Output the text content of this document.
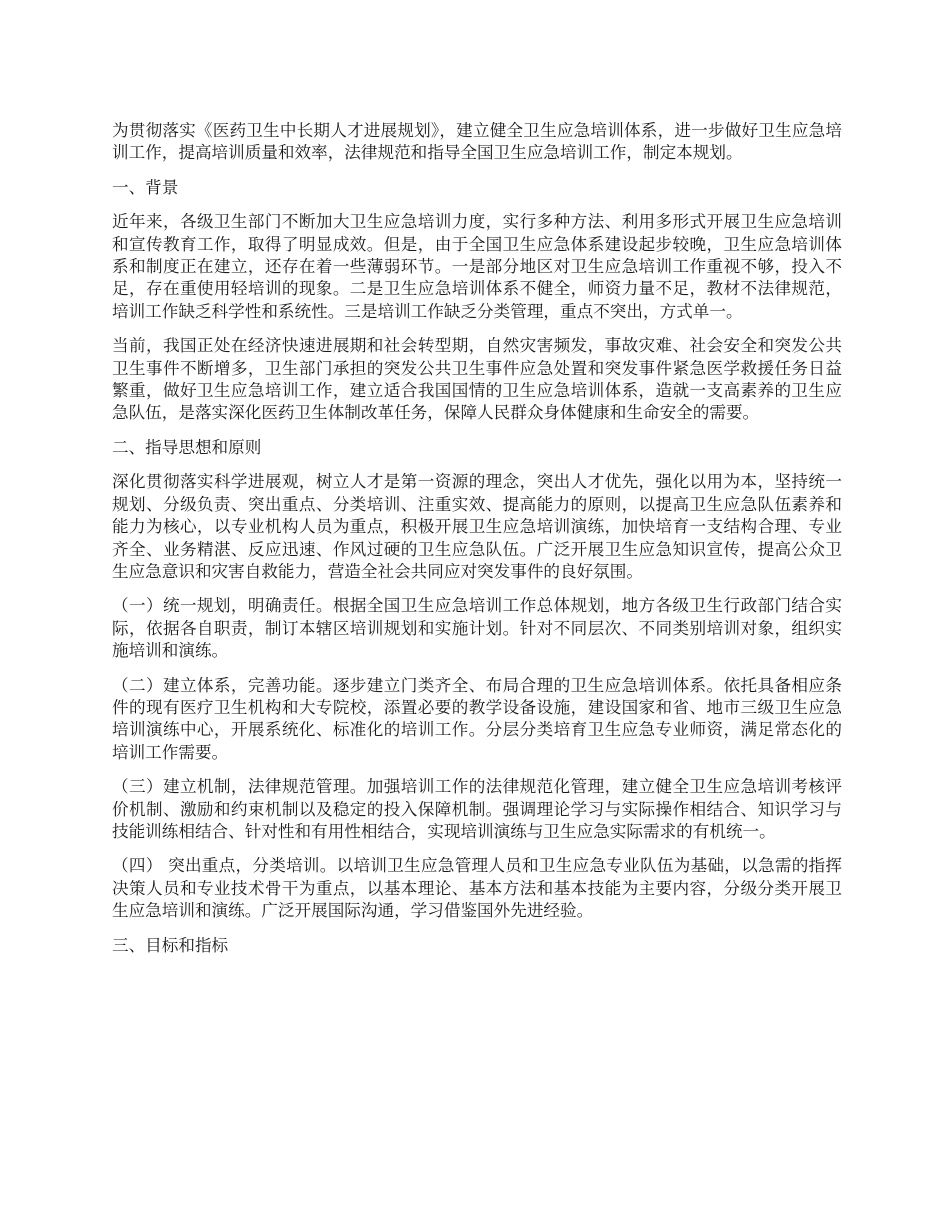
为贯彻落实《医药卫生中长期人才进展规划》，建立健全卫生应急培训体系，进一步做好卫生应急培训工作，提高培训质量和效率，法律规范和指导全国卫生应急培训工作，制定本规划。

一、背景

近年来，各级卫生部门不断加大卫生应急培训力度，实行多种方法、利用多形式开展卫生应急培训和宣传教育工作，取得了明显成效。但是，由于全国卫生应急体系建设起步较晚，卫生应急培训体系和制度正在建立，还存在着一些薄弱环节。一是部分地区对卫生应急培训工作重视不够，投入不足，存在重使用轻培训的现象。二是卫生应急培训体系不健全，师资力量不足，教材不法律规范，培训工作缺乏科学性和系统性。三是培训工作缺乏分类管理，重点不突出，方式单一。

当前，我国正处在经济快速进展期和社会转型期，自然灾害频发，事故灾难、社会安全和突发公共卫生事件不断增多，卫生部门承担的突发公共卫生事件应急处置和突发事件紧急医学救援任务日益繁重，做好卫生应急培训工作，建立适合我国国情的卫生应急培训体系，造就一支高素养的卫生应急队伍，是落实深化医药卫生体制改革任务，保障人民群众身体健康和生命安全的需要。

二、指导思想和原则

深化贯彻落实科学进展观，树立人才是第一资源的理念，突出人才优先，强化以用为本，坚持统一规划、分级负责、突出重点、分类培训、注重实效、提高能力的原则，以提高卫生应急队伍素养和能力为核心，以专业机构人员为重点，积极开展卫生应急培训演练，加快培育一支结构合理、专业齐全、业务精湛、反应迅速、作风过硬的卫生应急队伍。广泛开展卫生应急知识宣传，提高公众卫生应急意识和灾害自救能力，营造全社会共同应对突发事件的良好氛围。

（一）统一规划，明确责任。根据全国卫生应急培训工作总体规划，地方各级卫生行政部门结合实际，依据各自职责，制订本辖区培训规划和实施计划。针对不同层次、不同类别培训对象，组织实施培训和演练。

（二）建立体系，完善功能。逐步建立门类齐全、布局合理的卫生应急培训体系。依托具备相应条件的现有医疗卫生机构和大专院校，添置必要的教学设备设施，建设国家和省、地市三级卫生应急培训演练中心，开展系统化、标准化的培训工作。分层分类培育卫生应急专业师资，满足常态化的培训工作需要。

（三）建立机制，法律规范管理。加强培训工作的法律规范化管理，建立健全卫生应急培训考核评价机制、激励和约束机制以及稳定的投入保障机制。强调理论学习与实际操作相结合、知识学习与技能训练相结合、针对性和有用性相结合，实现培训演练与卫生应急实际需求的有机统一。

（四） 突出重点，分类培训。以培训卫生应急管理人员和卫生应急专业队伍为基础，以急需的指挥决策人员和专业技术骨干为重点，以基本理论、基本方法和基本技能为主要内容，分级分类开展卫生应急培训和演练。广泛开展国际沟通，学习借鉴国外先进经验。

三、目标和指标
